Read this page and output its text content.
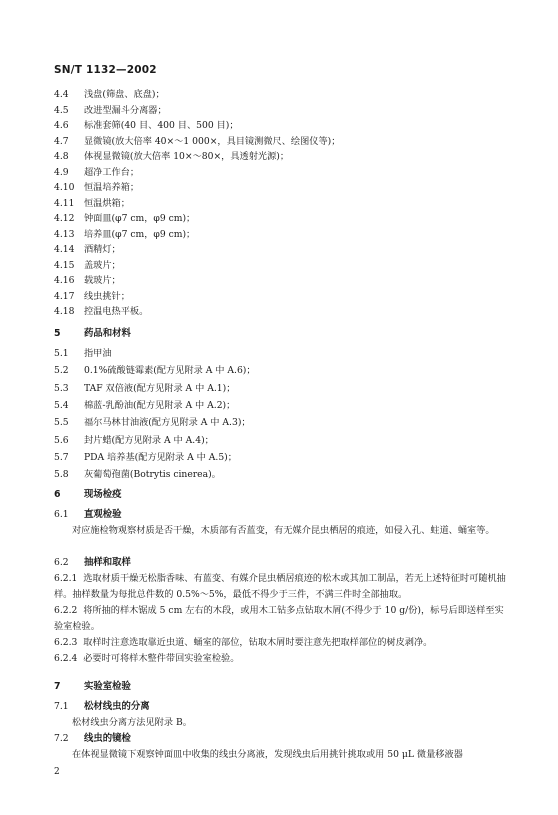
SN/T 1132—2002
4.4 浅盘(筛盘、底盘)；
4.5 改进型漏斗分离器；
4.6 标准套筛(40 目、400 目、500 目)；
4.7 显微镜(放大倍率 40×～1 000×，具目镜测微尺、绘图仪等)；
4.8 体视显微镜(放大倍率 10×～80×，具透射光源)；
4.9 超净工作台；
4.10 恒温培养箱；
4.11 恒温烘箱；
4.12 钟面皿(φ7 cm，φ9 cm)；
4.13 培养皿(φ7 cm，φ9 cm)；
4.14 酒精灯；
4.15 盖玻片；
4.16 载玻片；
4.17 线虫挑针；
4.18 控温电热平板。
5 药品和材料
5.1 指甲油
5.2 0.1%硫酸链霉素(配方见附录 A 中 A.6)；
5.3 TAF 双倍液(配方见附录 A 中 A.1)；
5.4 棉蓝-乳酚油(配方见附录 A 中 A.2)；
5.5 福尔马林甘油液(配方见附录 A 中 A.3)；
5.6 封片蜡(配方见附录 A 中 A.4)；
5.7 PDA 培养基(配方见附录 A 中 A.5)；
5.8 灰葡萄孢菌(Botrytis cinerea)。
6 现场检疫
6.1 直观检验
对应施检物观察材质是否干燥，木质部有否蓝变，有无媒介昆虫栖居的痕迹，如侵入孔、蛀道、蛹室等。
6.2 抽样和取样
6.2.1 选取材质干燥无松脂香味、有蓝变、有媒介昆虫栖居痕迹的松木或其加工制品，若无上述特征时可随机抽样。抽样数量为每批总件数的 0.5%～5%，最低不得少于三件，不满三件时全部抽取。
6.2.2 将所抽的样木锯成 5 cm 左右的木段，或用木工钻多点钻取木屑(不得少于 10 g/份)，标号后即送样至实验室检验。
6.2.3 取样时注意选取靠近虫道、蛹室的部位，钻取木屑时要注意先把取样部位的树皮剥净。
6.2.4 必要时可将样木整件带回实验室检验。
7 实验室检验
7.1 松材线虫的分离
松材线虫分离方法见附录 B。
7.2 线虫的镜检
在体视显微镜下观察钟面皿中收集的线虫分离液，发现线虫后用挑针挑取或用 50 μL 微量移液器
2
